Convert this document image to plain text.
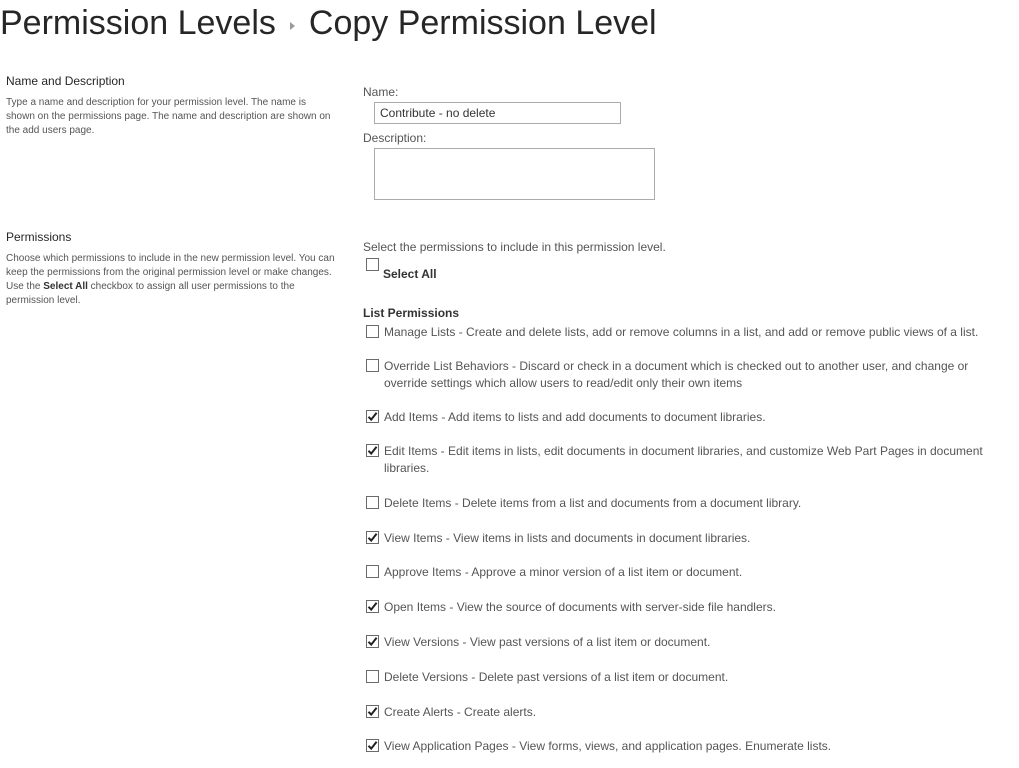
Permission Levels Copy Permission Level
Name and Description
Type a name and description for your permission level. The name is shown on the permissions page. The name and description are shown on the add users page.
Name:
Contribute - no delete
Description:
Permissions
Choose which permissions to include in the new permission level. You can keep the permissions from the original permission level or make changes. Use the Select All checkbox to assign all user permissions to the permission level.
Select the permissions to include in this permission level.
Select All
List Permissions
Manage Lists - Create and delete lists, add or remove columns in a list, and add or remove public views of a list.
Override List Behaviors - Discard or check in a document which is checked out to another user, and change or override settings which allow users to read/edit only their own items
Add Items - Add items to lists and add documents to document libraries.
Edit Items - Edit items in lists, edit documents in document libraries, and customize Web Part Pages in document libraries.
Delete Items - Delete items from a list and documents from a document library.
View Items - View items in lists and documents in document libraries.
Approve Items - Approve a minor version of a list item or document.
Open Items - View the source of documents with server-side file handlers.
View Versions - View past versions of a list item or document.
Delete Versions - Delete past versions of a list item or document.
Create Alerts - Create alerts.
View Application Pages - View forms, views, and application pages. Enumerate lists.
